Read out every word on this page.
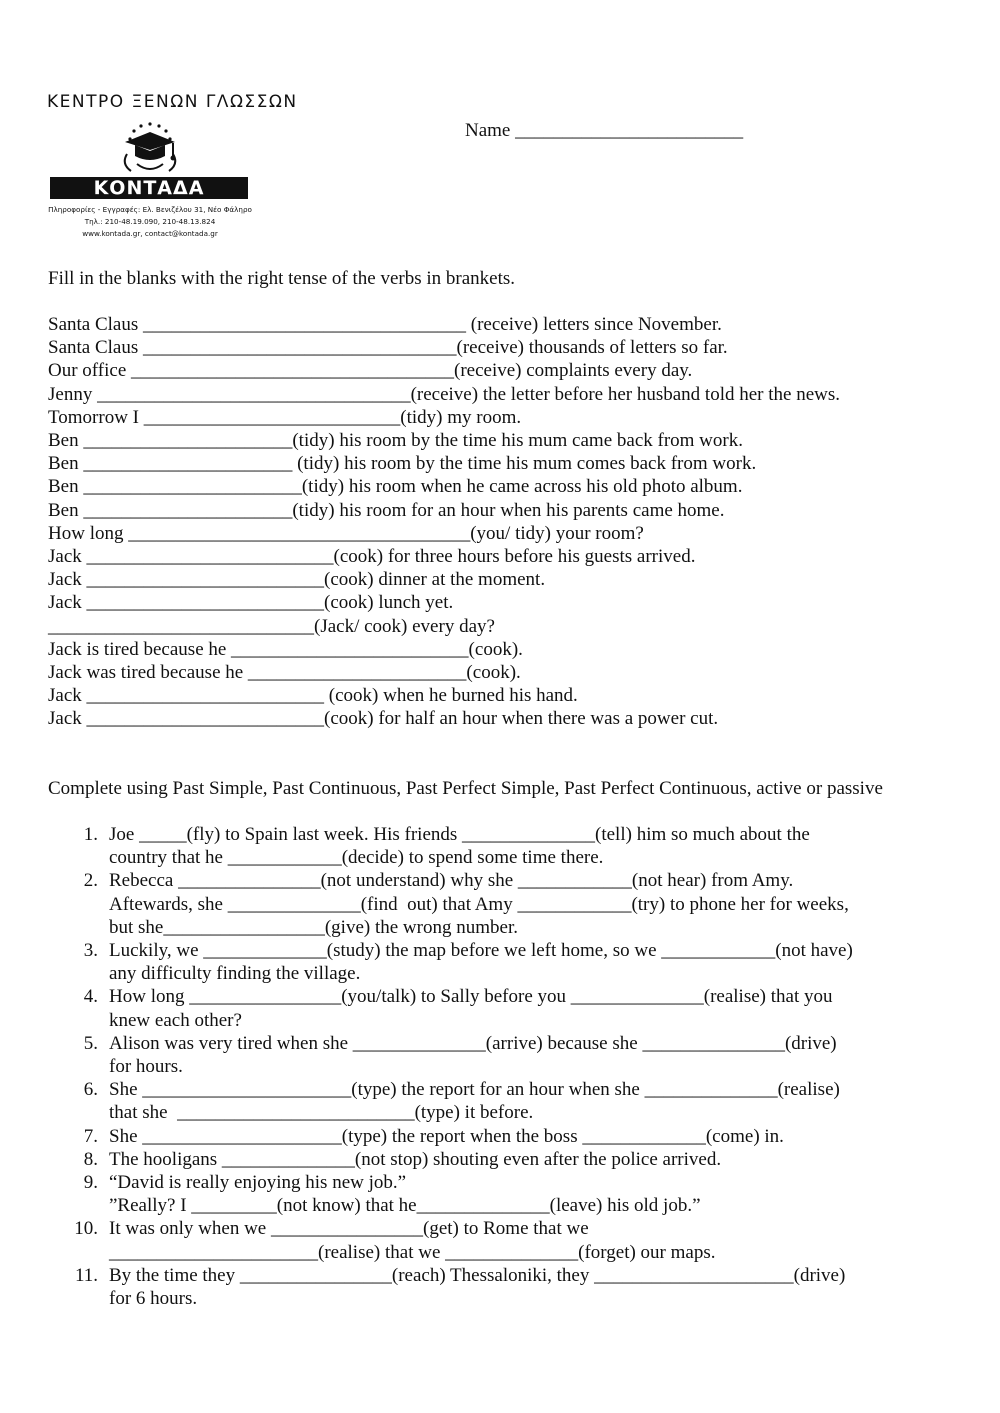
ΚΕΝΤΡΟ ΞΕΝΩΝ ΓΛΩΣΣΩΝ
ΚΟΝΤΑΔΑ
Πληροφορίες - Εγγραφές: Ελ. Βενιζέλου 31, Νέο Φάληρο
Τηλ.: 210-48.19.090, 210-48.13.824
www.kontada.gr, contact@kontada.gr
Name ________________________
Fill in the blanks with the right tense of the verbs in brankets.
Santa Claus __________________________________ (receive) letters since November.
Santa Claus _________________________________(receive) thousands of letters so far.
Our office __________________________________(receive) complaints every day.
Jenny _________________________________(receive) the letter before her husband told her the news.
Tomorrow I ___________________________(tidy) my room.
Ben ______________________(tidy) his room by the time his mum came back from work.
Ben ______________________ (tidy) his room by the time his mum comes back from work.
Ben _______________________(tidy) his room when he came across his old photo album.
Ben ______________________(tidy) his room for an hour when his parents came home.
How long ____________________________________(you/ tidy) your room?
Jack __________________________(cook) for three hours before his guests arrived.
Jack _________________________(cook) dinner at the moment.
Jack _________________________(cook) lunch yet.
____________________________(Jack/ cook) every day?
Jack is tired because he _________________________(cook).
Jack was tired because he _______________________(cook).
Jack _________________________ (cook) when he burned his hand.
Jack _________________________(cook) for half an hour when there was a power cut.
Complete using Past Simple, Past Continuous, Past Perfect Simple, Past Perfect Continuous, active or passive
1. Joe _____(fly) to Spain last week. His friends ______________(tell) him so much about the
country that he ____________(decide) to spend some time there.
2. Rebecca _______________(not understand) why she ____________(not hear) from Amy.
Aftewards, she ______________(find  out) that Amy ____________(try) to phone her for weeks,
but she_________________(give) the wrong number.
3. Luckily, we _____________(study) the map before we left home, so we ____________(not have)
any difficulty finding the village.
4. How long ________________(you/talk) to Sally before you ______________(realise) that you
knew each other?
5. Alison was very tired when she ______________(arrive) because she _______________(drive)
for hours.
6. She ______________________(type) the report for an hour when she ______________(realise)
that she  _________________________(type) it before.
7. She _____________________(type) the report when the boss _____________(come) in.
8. The hooligans ______________(not stop) shouting even after the police arrived.
9. “David is really enjoying his new job.”
”Really? I _________(not know) that he______________(leave) his old job.”
10. It was only when we ________________(get) to Rome that we
______________________(realise) that we ______________(forget) our maps.
11. By the time they ________________(reach) Thessaloniki, they _____________________(drive)
for 6 hours.
